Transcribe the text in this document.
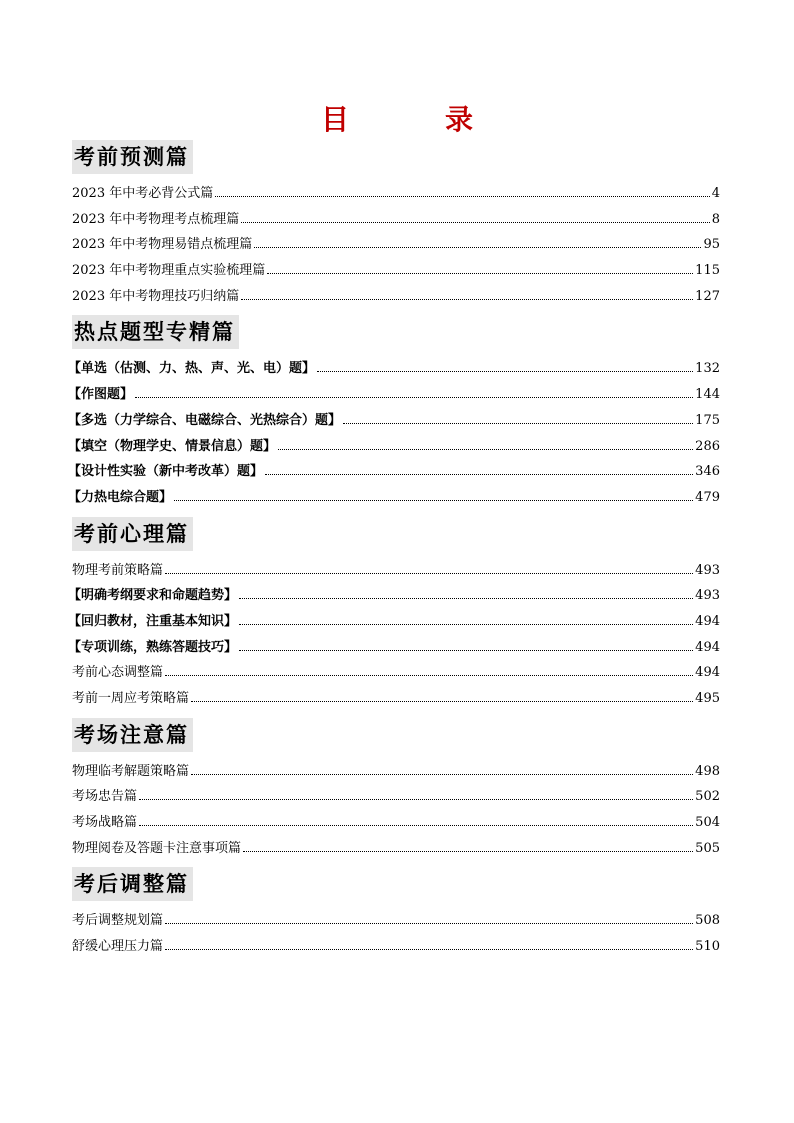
目　录
考前预测篇
2023 年中考必背公式篇	4
2023 年中考物理考点梳理篇	8
2023 年中考物理易错点梳理篇	95
2023 年中考物理重点实验梳理篇	115
2023 年中考物理技巧归纳篇	127
热点题型专精篇
【单选（估测、力、热、声、光、电）题】	132
【作图题】	144
【多选（力学综合、电磁综合、光热综合）题】	175
【填空（物理学史、情景信息）题】	286
【设计性实验（新中考改革）题】	346
【力热电综合题】	479
考前心理篇
物理考前策略篇	493
【明确考纲要求和命题趋势】	493
【回归教材，注重基本知识】	494
【专项训练，熟练答题技巧】	494
考前心态调整篇	494
考前一周应考策略篇	495
考场注意篇
物理临考解题策略篇	498
考场忠告篇	502
考场战略篇	504
物理阅卷及答题卡注意事项篇	505
考后调整篇
考后调整规划篇	508
舒缓心理压力篇	510
